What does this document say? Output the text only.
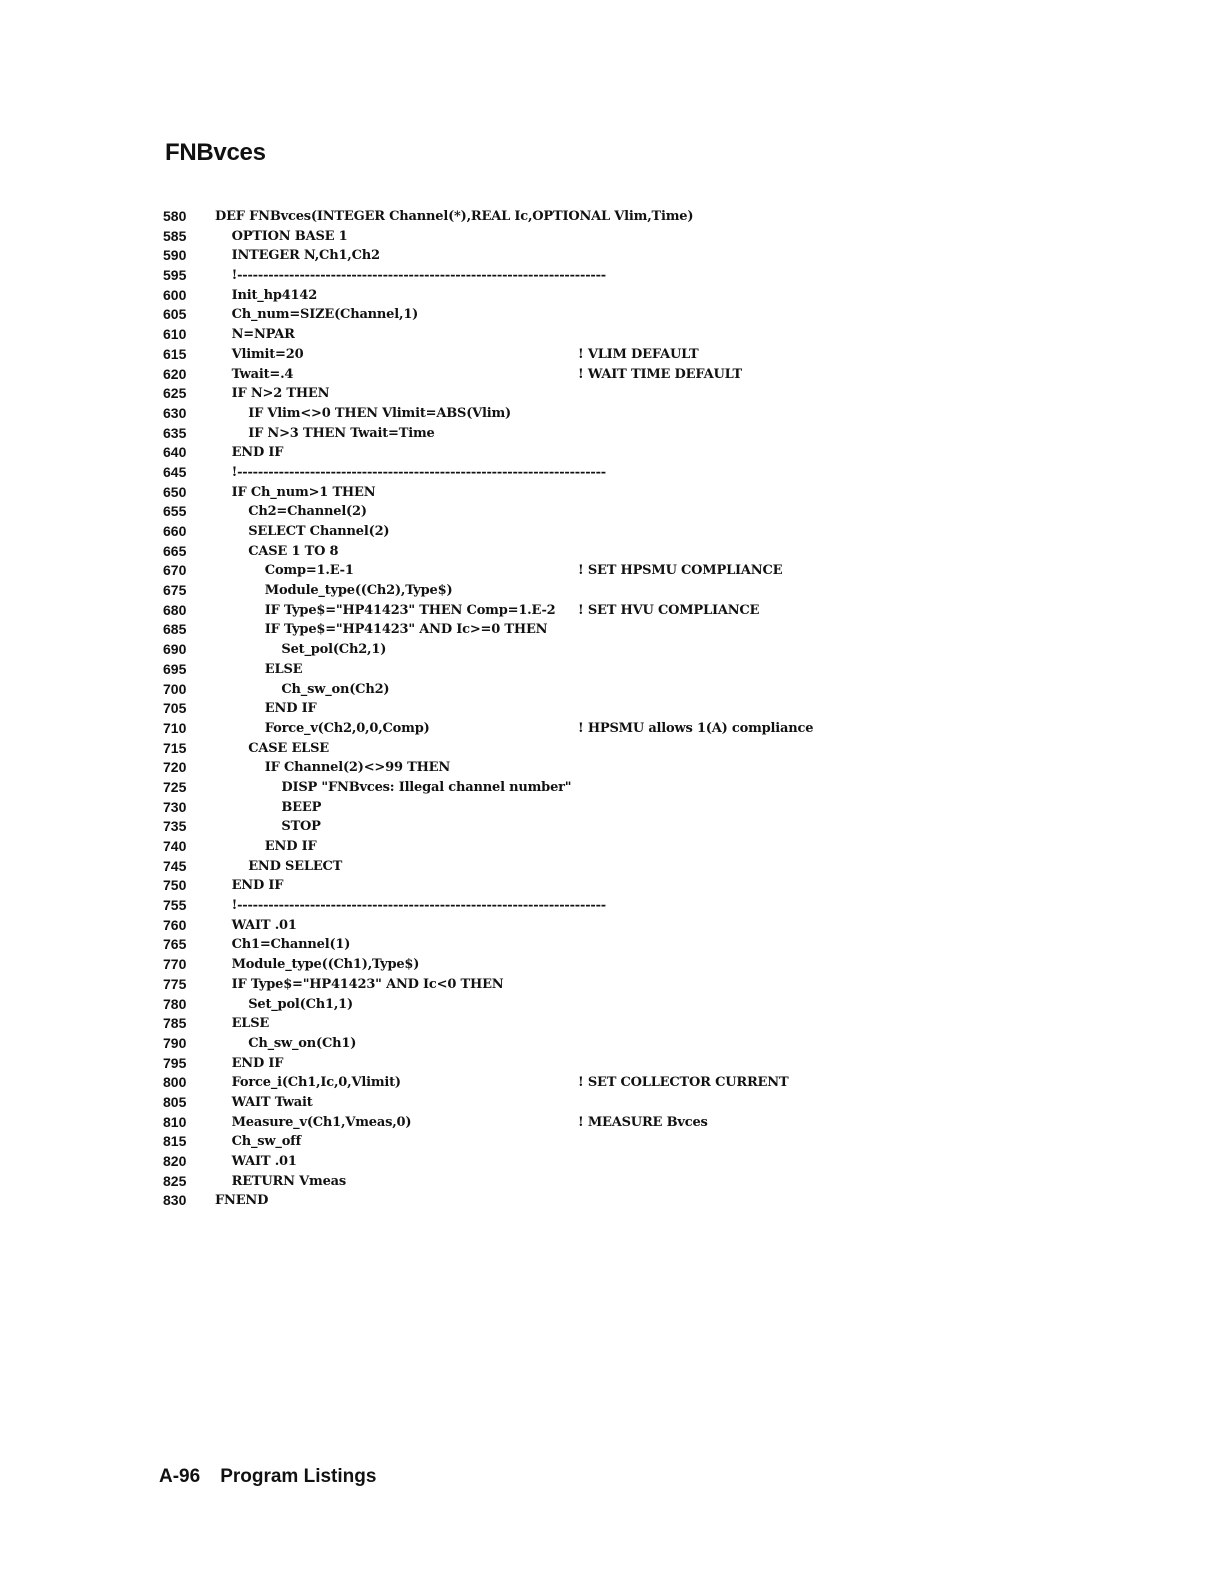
FNBvces
580 DEF FNBvces(INTEGER Channel(*),REAL Ic,OPTIONAL Vlim,Time)
585	OPTION BASE 1
590	INTEGER N,Ch1,Ch2
595	!-----------------------------------------------------------------------
600	Init_hp4142
605	Ch_num=SIZE(Channel,1)
610	N=NPAR
615	Vlimit=20	! VLIM DEFAULT
620	Twait=.4	! WAIT TIME DEFAULT
625	IF N>2 THEN
630	IF Vlim<>0 THEN Vlimit=ABS(Vlim)
635	IF N>3 THEN Twait=Time
640	END IF
645	!-----------------------------------------------------------------------
650	IF Ch_num>1 THEN
655	Ch2=Channel(2)
660	SELECT Channel(2)
665	CASE 1 TO 8
670	Comp=1.E-1	! SET HPSMU COMPLIANCE
675	Module_type((Ch2),Type$)
680	IF Type$="HP41423" THEN Comp=1.E-2 ! SET HVU COMPLIANCE
685	IF Type$="HP41423" AND Ic>=0 THEN
690	Set_pol(Ch2,1)
695	ELSE
700	Ch_sw_on(Ch2)
705	END IF
710	Force_v(Ch2,0,0,Comp)	! HPSMU allows 1(A) compliance
715	CASE ELSE
720	IF Channel(2)<>99 THEN
725	DISP "FNBvces: Illegal channel number"
730	BEEP
735	STOP
740	END IF
745	END SELECT
750	END IF
755	!-----------------------------------------------------------------------
760	WAIT .01
765	Ch1=Channel(1)
770	Module_type((Ch1),Type$)
775	IF Type$="HP41423" AND Ic<0 THEN
780	Set_pol(Ch1,1)
785	ELSE
790	Ch_sw_on(Ch1)
795	END IF
800	Force_i(Ch1,Ic,0,Vlimit)	! SET COLLECTOR CURRENT
805	WAIT Twait
810	Measure_v(Ch1,Vmeas,0)	! MEASURE Bvces
815	Ch_sw_off
820	WAIT .01
825	RETURN Vmeas
830 FNEND
A-96 Program Listings
